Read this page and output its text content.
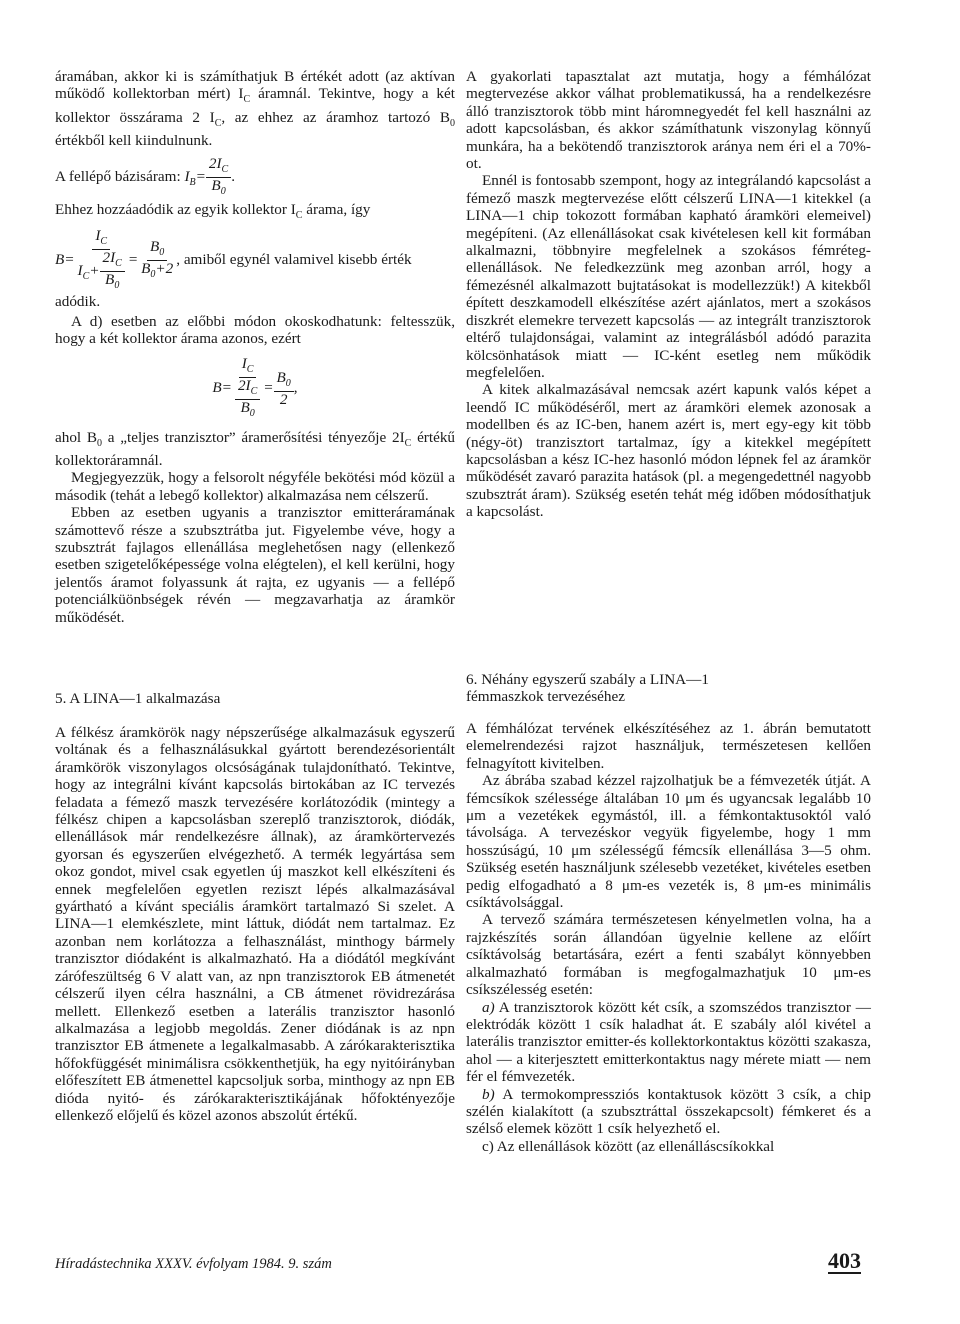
áramában, akkor ki is számíthatjuk B értékét adott (az aktívan működő kollektorban mért) $I_C$ áramnál. Tekintve, hogy a két kollektor összárama 2 $I_C$, az ehhez az áramhoz tartozó $B_0$ értékből kell kiindulnunk.

A fellépő bázisáram: $I_B= \frac{2I_C}{B_0}$ .

Ehhez hozzáadódik az egyik kollektor $I_C$ árama, így

$B= \frac{I_C}{I_C+ \frac{2I_C}{B_0}} = \frac{B_0}{B_0+2}$ , amiből egynél valamivel kisebb érték adódik.

A d) esetben az előbbi módon okoskodhatunk: feltesszük, hogy a két kollektor árama azonos, ezért

$B= \frac{I_C}{\frac{2I_C}{B_0}} = \frac{B_0}{2}$ ,

ahol $B_0$ a „teljes tranzisztor” áramerősítési tényezője $2I_C$ értékű kollektoráramnál.

Megjegyezzük, hogy a felsorolt négyféle bekötési mód közül a második (tehát a lebegő kollektor) alkalmazása nem célszerű.

Ebben az esetben ugyanis a tranzisztor emitteráramának számottevő része a szubsztrátba jut. Figyelembe véve, hogy a szubsztrát fajlagos ellenállása meglehetősen nagy (ellenkező esetben szigetelőképessége volna elégtelen), el kell kerülni, hogy jelentős áramot folyassunk át rajta, ez ugyanis — a fellépő potenciálküönbségek révén — megzavarhatja az áramkör működését.

5. A LINA—1 alkalmazása

A félkész áramkörök nagy népszerűsége alkalmazásuk egyszerű voltának és a felhasználásukkal gyártott berendezésorientált áramkörök viszonylagos olcsóságának tulajdonítható. Tekintve, hogy az integrálni kívánt kapcsolás birtokában az IC tervezés feladata a fémező maszk tervezésére korlátozódik (mintegy a félkész chipen a kapcsolásban szereplő tranzisztorok, diódák, ellenállások már rendelkezésre állnak), az áramkörtervezés gyorsan és egyszerűen elvégezhető. A termék legyártása sem okoz gondot, mivel csak egyetlen új maszkot kell elkészíteni és ennek megfelelően egyetlen reziszt lépés alkalmazásával gyártható a kívánt speciális áramkört tartalmazó Si szelet. A LINA—1 elemkészlete, mint láttuk, diódát nem tartalmaz. Ez azonban nem korlátozza a felhasználást, minthogy bármely tranzisztor diódaként is alkalmazható. Ha a diódától megkívánt zárófeszültség 6 V alatt van, az npn tranzisztorok EB átmenetét célszerű ilyen célra használni, a CB átmenet rövidrezárása mellett. Ellenkező esetben a laterális tranzisztor hasonló alkalmazása a legjobb megoldás. Zener diódának is az npn tranzisztor EB átmenete a legalkalmasabb. A zárókarakterisztika hőfokfüggését minimálisra csökkenthetjük, ha egy nyitóirányban előfeszített EB átmenettel kapcsoljuk sorba, minthogy az npn EB dióda nyitó- és zárókarakterisztikájának hőfoktényezője ellenkező előjelű és közel azonos abszolút értékű.

A gyakorlati tapasztalat azt mutatja, hogy a fémhálózat megtervezése akkor válhat problematikussá, ha a rendelkezésre álló tranzisztorok több mint háromnegyedét fel kell használni az adott kapcsolásban, és akkor számíthatunk viszonylag könnyű munkára, ha a bekötendő tranzisztorok aránya nem éri el a 70%-ot.

Ennél is fontosabb szempont, hogy az integrálandó kapcsolást a fémező maszk megtervezése előtt célszerű LINA—1 kitekkel (a LINA—1 chip tokozott formában kapható áramköri elemeivel) megépíteni. (Az ellenállásokat csak kivételesen kell kit formában alkalmazni, többnyire megfelelnek a szokásos fémréteg-ellenállások. Ne feledkezzünk meg azonban arról, hogy a fémezésnél alkalmazott bujtatásokat is modellezzük!) A kitekből épített deszkamodell elkészítése azért ajánlatos, mert a szokásos diszkrét elemekre tervezett kapcsolás — az integrált tranzisztorok eltérő tulajdonságai, valamint az integrálásból adódó parazita kölcsönhatások miatt — IC-ként esetleg nem működik megfelelően.

A kitek alkalmazásával nemcsak azért kapunk valós képet a leendő IC működéséről, mert az áramköri elemek azonosak a modellben és az IC-ben, hanem azért is, mert egy-egy kit több (négy-öt) tranzisztort tartalmaz, így a kitekkel megépített kapcsolásban a kész IC-hez hasonló módon lépnek fel az áramkör működését zavaró parazita hatások (pl. a megengedettnél nagyobb szubsztrát áram). Szükség esetén tehát még időben módosíthatjuk a kapcsolást.

6. Néhány egyszerű szabály a LINA—1
fémmaszkok tervezéséhez

A fémhálózat tervének elkészítéséhez az 1. ábrán bemutatott elemelrendezési rajzot használjuk, természetesen kellően felnagyított kivitelben.

Az ábrába szabad kézzel rajzolhatjuk be a fémvezeték útját. A fémcsíkok szélessége általában 10 μm és ugyancsak legalább 10 μm a vezetékek egymástól, ill. a fémkontaktusoktól való távolsága. A tervezéskor vegyük figyelembe, hogy 1 mm hosszúságú, 10 μm szélességű fémcsík ellenállása 3—5 ohm. Szükség esetén használjunk szélesebb vezetéket, kivételes esetben pedig elfogadható a 8 μm-es vezeték is, 8 μm-es minimális csíktávolsággal.

A tervező számára természetesen kényelmetlen volna, ha a rajzkészítés során állandóan ügyelnie kellene az előírt csíktávolság betartására, ezért a fenti szabályt könnyebben alkalmazható formában is megfogalmazhatjuk 10 μm-es csíkszélesség esetén:

a) A tranzisztorok között két csík, a szomszédos tranzisztor — elektródák között 1 csík haladhat át. E szabály alól kivétel a laterális tranzisztor emitter-és kollektorkontaktus közötti szakasza, ahol — a kiterjesztett emitterkontaktus nagy mérete miatt — nem fér el fémvezeték.

b) A termokompressziós kontaktusok között 3 csík, a chip szélén kialakított (a szubsztráttal összekapcsolt) fémkeret és a szélső elemek között 1 csík helyezhető el.

c) Az ellenállások között (az ellenálláscsíkokkal

Híradástechnika XXXV. évfolyam 1984. 9. szám	403
